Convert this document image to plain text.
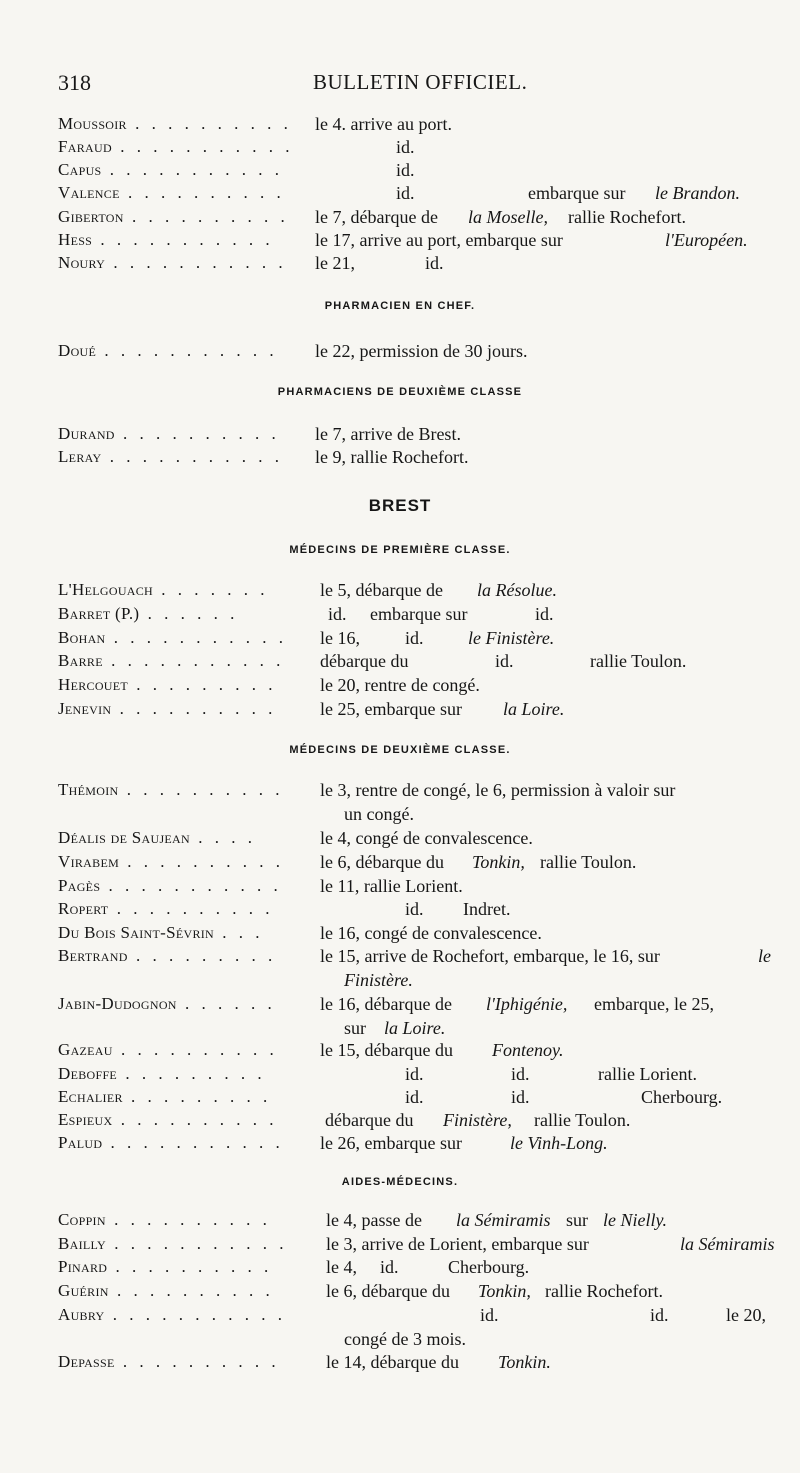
318	BULLETIN OFFICIEL.
PHARMACIEN EN CHEF.
PHARMACIENS DE DEUXIÈME CLASSE
BREST
MÉDECINS DE PREMIÈRE CLASSE.
MÉDECINS DE DEUXIÈME CLASSE.
AIDES-MÉDECINS.
Moussoir . . . . . . . . . . le 4. arrive au port.
Faraud . . . . . . . . . . .	id.
Capus . . . . . . . . . . .	id.
Valence . . . . . . . . . .	id.	embarque sur le Brandon.
Giberton . . . . . . . . . . le 7, débarque de la Moselle, rallie Rochefort.
Hess . . . . . . . . . . . le 17, arrive au port, embarque sur	l'Européen.
Noury . . . . . . . . . . . le 21,	id.
Doué . . . . . . . . . . . le 22, permission de 30 jours.
Durand . . . . . . . . . . le 7, arrive de Brest.
Leray . . . . . . . . . . . le 9, rallie Rochefort.
L'Helgouach . . . . . . .	le 5, débarque de la Résolue.
Barret (P.) . . . . . .	id. embarque sur	id.
Bohan . . . . . . . . . . . le 16,	id. le Finistère.
Barre . . . . . . . . . . . débarque du	id.	rallie Toulon.
Hercouet . . . . . . . . . le 20, rentre de congé.
Jenevin . . . . . . . . . . le 25, embarque sur la Loire.
Thémoin . . . . . . . . . . le 3, rentre de congé, le 6, permission à valoir sur
un congé.
Déalis de Saujean . . . .	le 4, congé de convalescence.
Virabem . . . . . . . . . . le 6, débarque du Tonkin, rallie Toulon.
Pagès . . . . . . . . . . . le 11, rallie Lorient.
Ropert . . . . . . . . . .	id. Indret.
Du Bois Saint-Sévrin . . .	le 16, congé de convalescence.
Bertrand . . . . . . . . . le 15, arrive de Rochefort, embarque, le 16, sur	le
Finistère.
Jabin-Dudognon . . . . . . le 16, débarque de l'Iphigénie, embarque, le 25,
sur la Loire.
Gazeau . . . . . . . . . . le 15, débarque du Fontenoy.
Deboffe . . . . . . . . .	id.	id.	rallie Lorient.
Echalier . . . . . . . . .	id.	id.	Cherbourg.
Espieux . . . . . . . . . .	débarque du Finistère, rallie Toulon.
Palud . . . . . . . . . . . le 26, embarque sur	le Vinh-Long.
Coppin . . . . . . . . . .	le 4, passe de la Sémiramis sur le Nielly.
Bailly . . . . . . . . . . . le 3, arrive de Lorient, embarque sur	la Sémiramis
Pinard . . . . . . . . . .	le 4, id.	Cherbourg.
Guérin . . . . . . . . . .	le 6, débarque du Tonkin, rallie Rochefort.
Aubry . . . . . . . . . . .	id.	id.	le 20,
congé de 3 mois.
Depasse . . . . . . . . . .	le 14, débarque du Tonkin.
